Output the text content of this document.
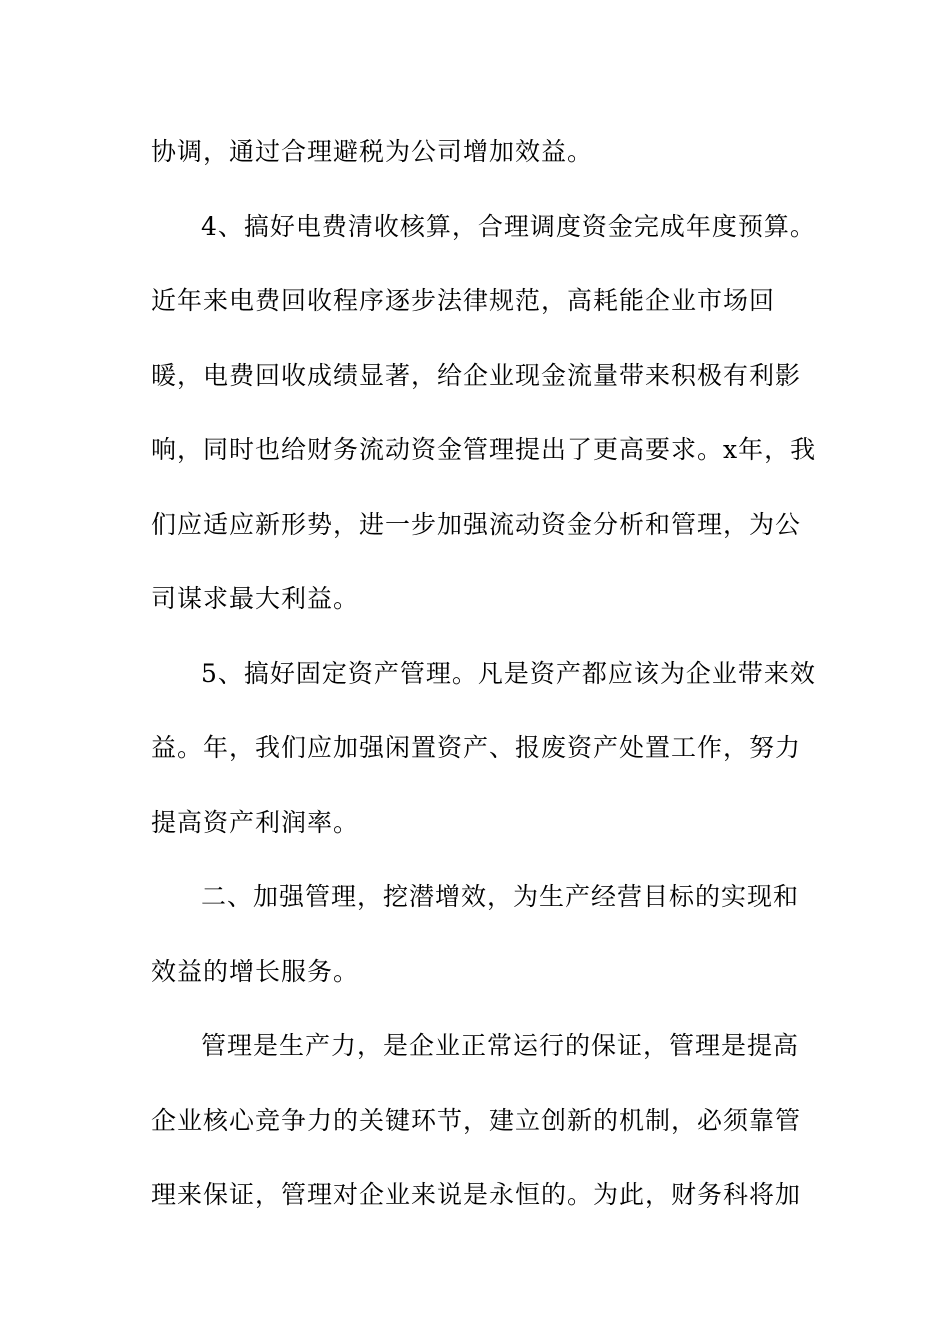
协调，通过合理避税为公司增加效益。
4、搞好电费清收核算，合理调度资金完成年度预算。
近年来电费回收程序逐步法律规范，高耗能企业市场回
暖，电费回收成绩显著，给企业现金流量带来积极有利影
响，同时也给财务流动资金管理提出了更高要求。x年，我
们应适应新形势，进一步加强流动资金分析和管理，为公
司谋求最大利益。
5、搞好固定资产管理。凡是资产都应该为企业带来效
益。年，我们应加强闲置资产、报废资产处置工作，努力
提高资产利润率。
二、加强管理，挖潜增效，为生产经营目标的实现和
效益的增长服务。
管理是生产力，是企业正常运行的保证，管理是提高
企业核心竞争力的关键环节，建立创新的机制，必须靠管
理来保证，管理对企业来说是永恒的。为此，财务科将加
